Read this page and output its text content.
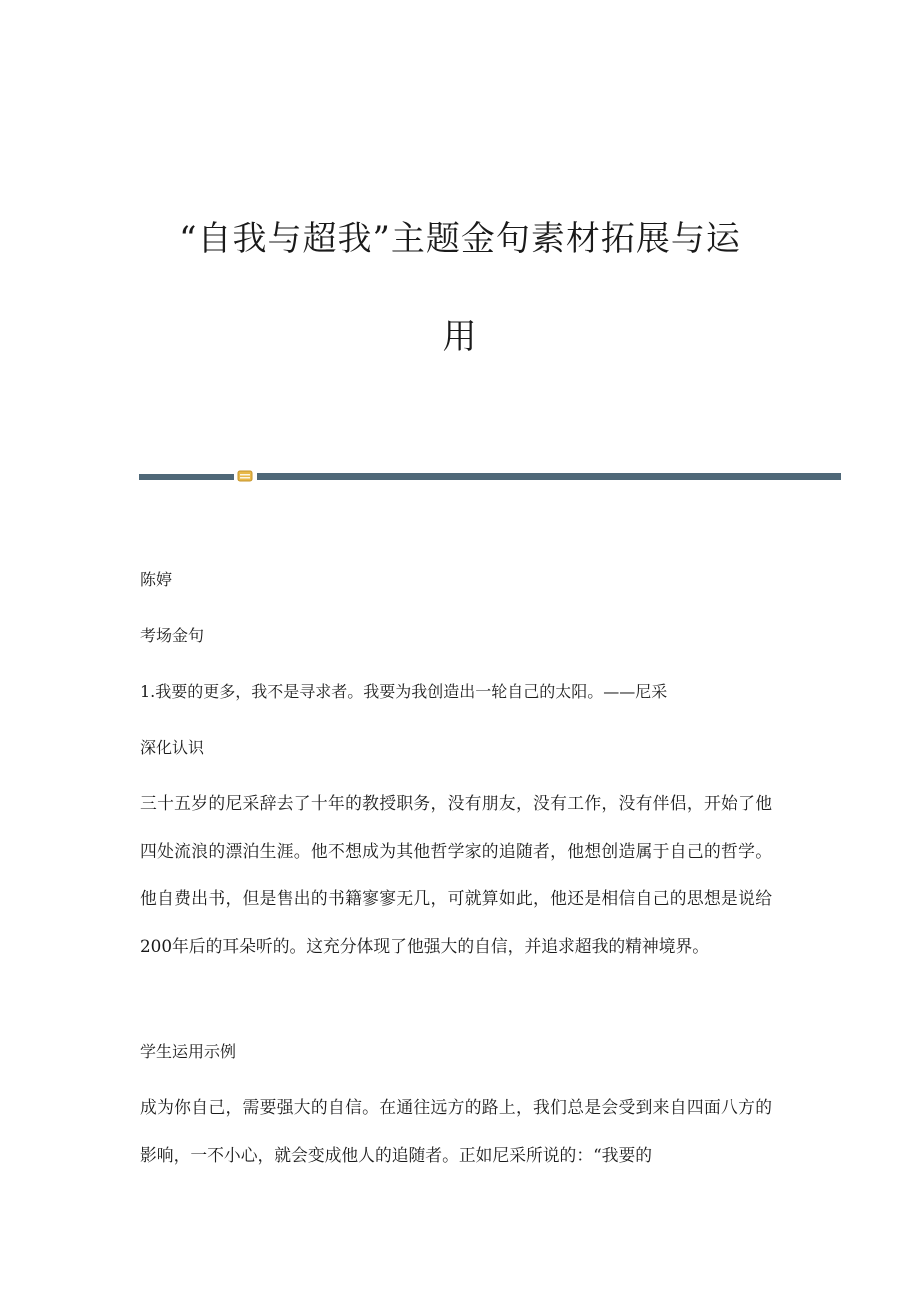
“自我与超我”主题金句素材拓展与运
用
陈婷
考场金句
1.我要的更多，我不是寻求者。我要为我创造出一轮自己的太阳。——尼采
深化认识
三十五岁的尼采辞去了十年的教授职务，没有朋友，没有工作，没有伴侣，开始了他四处流浪的漂泊生涯。他不想成为其他哲学家的追随者，他想创造属于自己的哲学。他自费出书，但是售出的书籍寥寥无几，可就算如此，他还是相信自己的思想是说给200年后的耳朵听的。这充分体现了他强大的自信，并追求超我的精神境界。
学生运用示例
成为你自己，需要强大的自信。在通往远方的路上，我们总是会受到来自四面八方的影响，一不小心，就会变成他人的追随者。正如尼采所说的：“我要的
